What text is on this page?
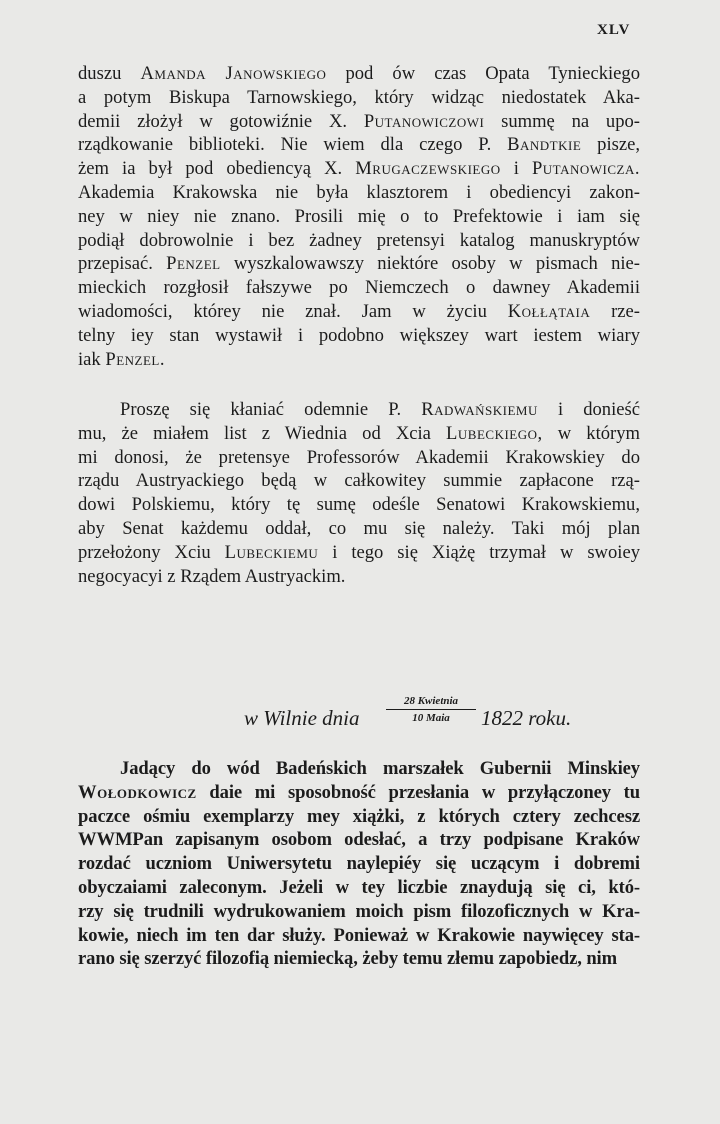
XLV
duszu Amanda Janowskiego pod ów czas Opata Tynieckiego
a potym Biskupa Tarnowskiego, który widząc niedostatek Aka-
demii złożył w gotowiźnie X. Putanowiczowi summę na upo-
rządkowanie biblioteki. Nie wiem dla czego P. Bandtkie pisze,
żem ia był pod obediencyą X. Mrugaczewskiego i Putanowicza.
Akademia Krakowska nie była klasztorem i obediencyi zakon-
ney w niey nie znano. Prosili mię o to Prefektowie i iam się
podiął dobrowolnie i bez żadney pretensyi katalog manuskryptów
przepisać. Penzel wyszkalowawszy niektóre osoby w pismach nie-
mieckich rozgłosił fałszywe po Niemczech o dawney Akademii
wiadomości, którey nie znał. Jam w życiu Kołłątaia rze-
telny iey stan wystawił i podobno większey wart iestem wiary
iak Penzel.
Proszę się kłaniać odemnie P. Radwańskiemu i donieść
mu, że miałem list z Wiednia od Xcia Lubeckiego, w którym
mi donosi, że pretensye Professorów Akademii Krakowskiey do
rządu Austryackiego będą w całkowitey summie zapłacone rzą-
dowi Polskiemu, który tę sumę odeśle Senatowi Krakowskiemu,
aby Senat każdemu oddał, co mu się należy. Taki mój plan
przełożony Xciu Lubeckiemu i tego się Xiążę trzymał w swoiey
negocyacyi z Rządem Austryackim.
w Wilnie dnia
28 Kwietnia
10 Maia	1822 roku.
Jadący do wód Badeńskich marszałek Gubernii Minskiey
Wołodkowicz daie mi sposobność przesłania w przyłączoney tu
paczce ośmiu exemplarzy mey xiążki, z których cztery zechcesz
WWMPan zapisanym osobom odesłać, a trzy podpisane Kraków
rozdać uczniom Uniwersytetu naylepiéy się uczącym i dobremi
obyczaiami zaleconym. Jeżeli w tey liczbie znaydują się ci, któ-
rzy się trudnili wydrukowaniem moich pism filozoficznych w Kra-
kowie, niech im ten dar służy. Ponieważ w Krakowie naywięcey sta-
rano się szerzyć filozofią niemiecką, żeby temu złemu zapobiedz, nim
